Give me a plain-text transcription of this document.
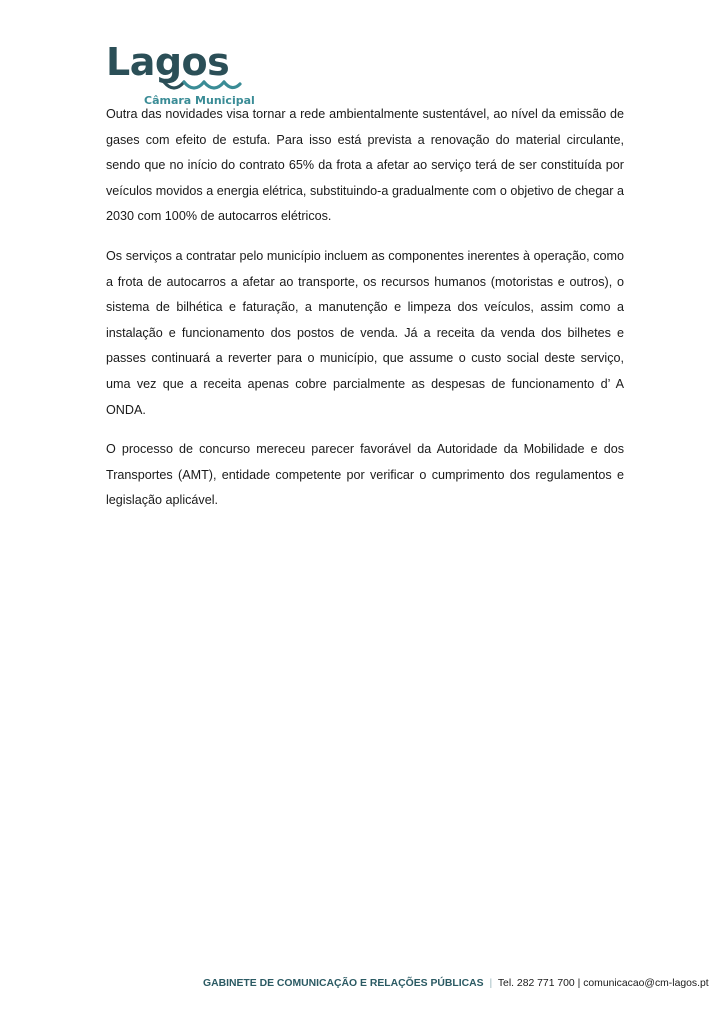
Lagos
Câmara Municipal

Outra das novidades visa tornar a rede ambientalmente sustentável, ao nível da emissão de gases com efeito de estufa. Para isso está prevista a renovação do material circulante, sendo que no início do contrato 65% da frota a afetar ao serviço terá de ser constituída por veículos movidos a energia elétrica, substituindo-a gradualmente com o objetivo de chegar a 2030 com 100% de autocarros elétricos.

Os serviços a contratar pelo município incluem as componentes inerentes à operação, como a frota de autocarros a afetar ao transporte, os recursos humanos (motoristas e outros), o sistema de bilhética e faturação, a manutenção e limpeza dos veículos, assim como a instalação e funcionamento dos postos de venda. Já a receita da venda dos bilhetes e passes continuará a reverter para o município, que assume o custo social deste serviço, uma vez que a receita apenas cobre parcialmente as despesas de funcionamento d’ A ONDA.

O processo de concurso mereceu parecer favorável da Autoridade da Mobilidade e dos Transportes (AMT), entidade competente por verificar o cumprimento dos regulamentos e legislação aplicável.

GABINETE DE COMUNICAÇÃO E RELAÇÕES PÚBLICAS | Tel. 282 771 700 | comunicacao@cm-lagos.pt
